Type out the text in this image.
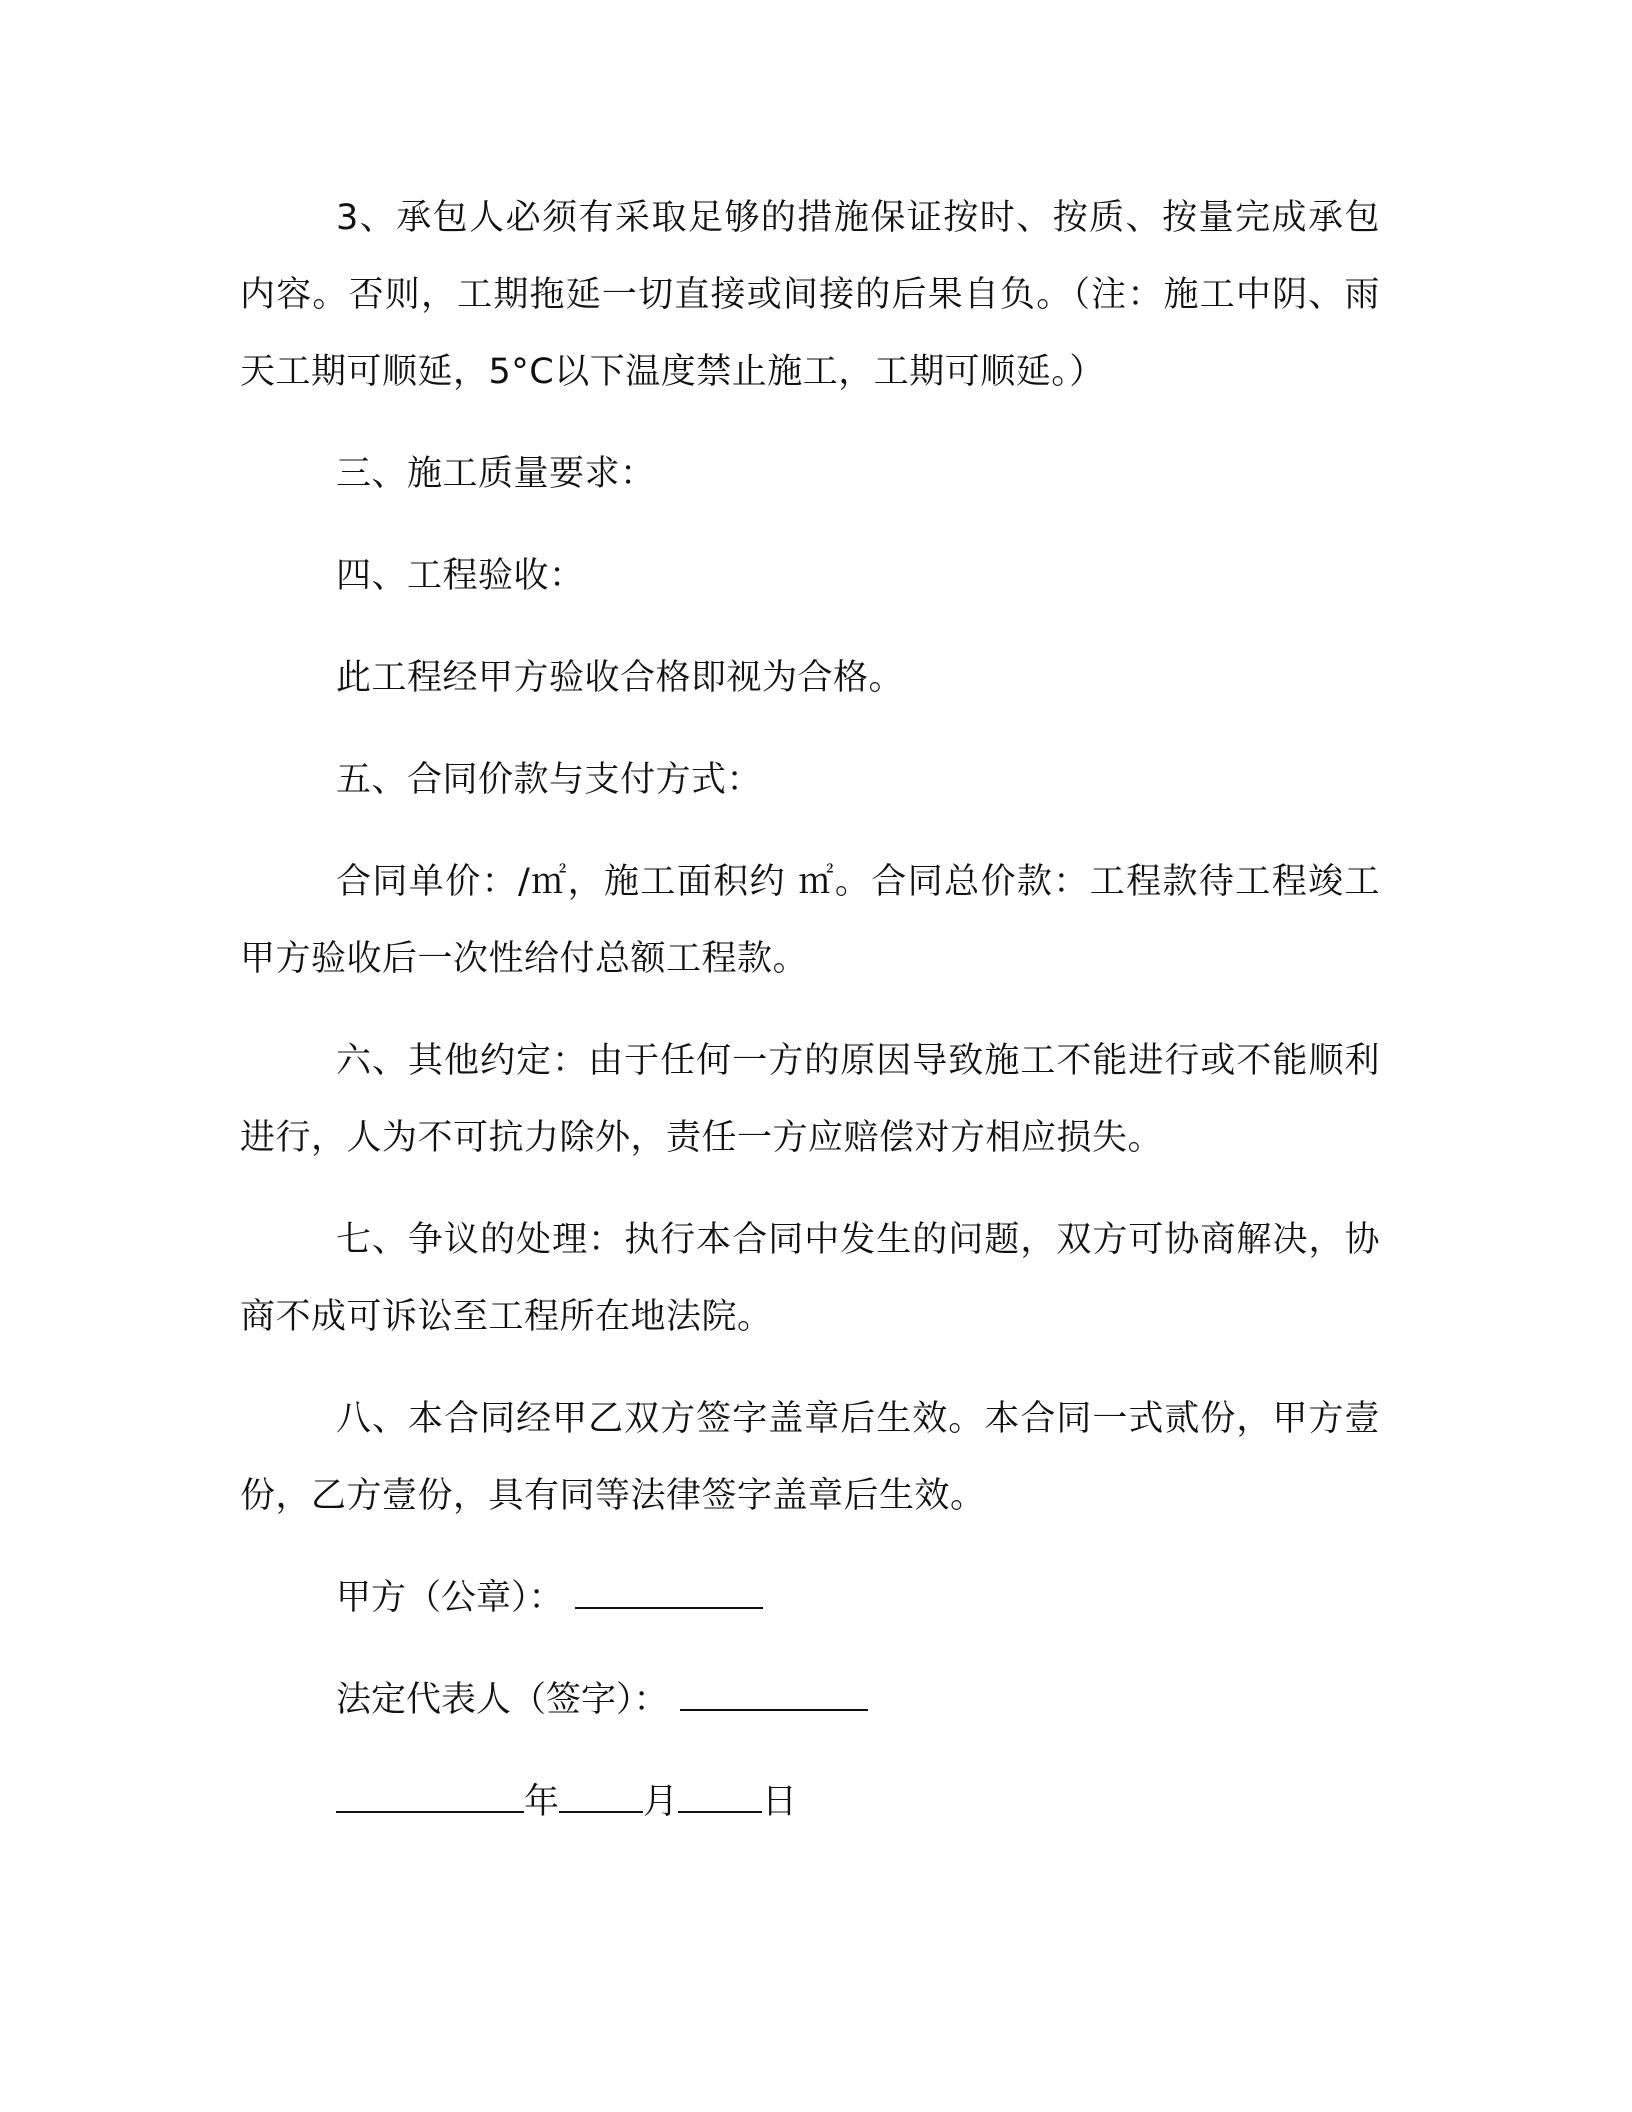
3、承包人必须有采取足够的措施保证按时、按质、按量完成承包内容。否则，工期拖延一切直接或间接的后果自负。（注：施工中阴、雨天工期可顺延，5°C以下温度禁止施工，工期可顺延。）

三、施工质量要求：

四、工程验收：

此工程经甲方验收合格即视为合格。

五、合同价款与支付方式：

合同单价：/㎡，施工面积约 ㎡。合同总价款：工程款待工程竣工甲方验收后一次性给付总额工程款。

六、其他约定：由于任何一方的原因导致施工不能进行或不能顺利进行，人为不可抗力除外，责任一方应赔偿对方相应损失。

七、争议的处理：执行本合同中发生的问题，双方可协商解决，协商不成可诉讼至工程所在地法院。

八、本合同经甲乙双方签字盖章后生效。本合同一式贰份，甲方壹份，乙方壹份，具有同等法律签字盖章后生效。

甲方（公章）：
法定代表人（签字）：
年 月 日
